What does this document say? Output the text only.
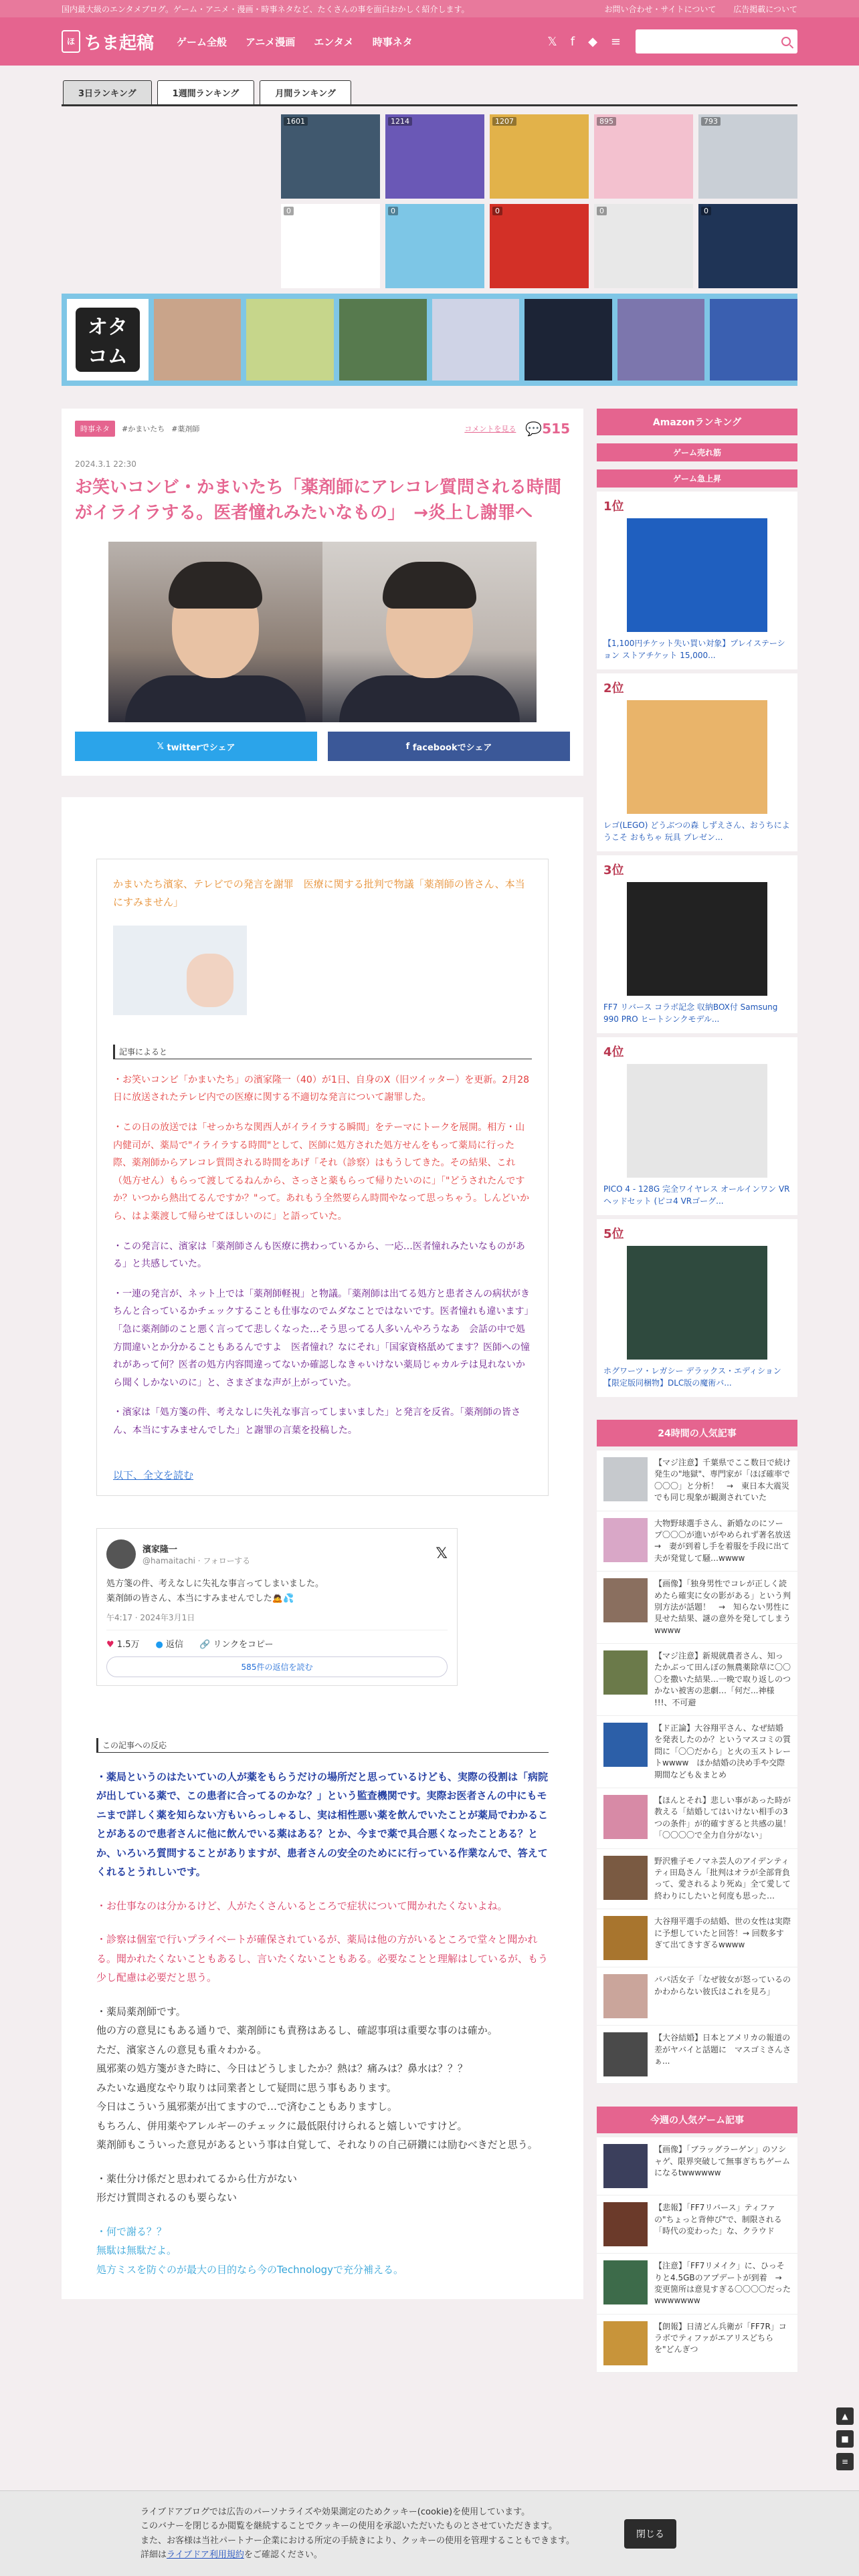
国内最大級のエンタメブログ。ゲーム・アニメ・漫画・時事ネタなど、たくさんの事を面白おかしく紹介します。	お問い合わせ・サイトについて 広告掲載について
ほ ちま起稿 ゲーム全般 アニメ漫画 エンタメ 時事ネタ	𝕏 f ◆ ≡
3日ランキング	1週間ランキング	月間ランキング
1601	1214	1207	895	793
0	0	0	0	0
オタ
コム
時事ネタ	#かまいたち #薬剤師	コメントを見る 💬515
2024.3.1 22:30
お笑いコンビ・かまいたち「薬剤師にアレコレ質問される時間がイライラする。医者憧れみたいなもの」　→炎上し謝罪へ
𝕏 twitterでシェア	f facebookでシェア
かまいたち濱家、テレビでの発言を謝罪　医療に関する批判で物議「薬剤師の皆さん、本当にすみません」
記事によると

・お笑いコンビ「かまいたち」の濱家隆一（40）が1日、自身のX（旧ツイッター）を更新。2月28日に放送されたテレビ内での医療に関する不適切な発言について謝罪した。

・この日の放送では「せっかちな関西人がイライラする瞬間」をテーマにトークを展開。相方・山内健司が、薬局で"イライラする時間"として、医師に処方された処方せんをもって薬局に行った際、薬剤師からアレコレ質問される時間をあげ「それ（診察）はもうしてきた。その結果、これ（処方せん）もらって渡してるねんから、さっさと薬もらって帰りたいのに」「"どうされたんですか？いつから熱出てるんですか？"って。あれもう全然要らん時間やなって思っちゃう。しんどいから、はよ薬渡して帰らせてほしいのに」と語っていた。

・この発言に、濱家は「薬剤師さんも医療に携わっているから、一応…医者憧れみたいなものがある」と共感していた。

・一連の発言が、ネット上では「薬剤師軽視」と物議。「薬剤師は出てる処方と患者さんの病状がきちんと合っているかチェックすることも仕事なのでムダなことではないです。医者憧れも違います」「急に薬剤師のこと悪く言ってて悲しくなった…そう思ってる人多いんやろうなあ　会話の中で処方間違いとか分かることもあるんですよ　医者憧れ？なにそれ」「国家資格舐めてます？医師への憧れがあって何？医者の処方内容間違ってないか確認しなきゃいけない薬局じゃカルテは見れないから聞くしかないのに」と、さまざまな声が上がっていた。

・濱家は「処方箋の件、考えなしに失礼な事言ってしまいました」と発言を反省。「薬剤師の皆さん、本当にすみませんでした」と謝罪の言葉を投稿した。

以下、全文を読む
濱家隆一
@hamaitachi · フォローする	𝕏
処方箋の件、考えなしに失礼な事言ってしまいました。
薬剤師の皆さん、本当にすみませんでした🙇💦
午4:17 · 2024年3月1日
♥ 1.5万 ● 返信 🔗 リンクをコピー
585件の返信を読む
この記事への反応

・薬局というのはたいていの人が薬をもらうだけの場所だと思っているけども、実際の役割は「病院が出している薬で、この患者に合ってるのかな？」という監査機関です。実際お医者さんの中にもモニまで詳しく薬を知らない方もいらっしゃるし、実は相性悪い薬を飲んでいたことが薬局でわかることがあるので患者さんに他に飲んでいる薬はある？とか、今まで薬で具合悪くなったことある？とか、いろいろ質問することがありますが、患者さんの安全のためにに行っている作業なんで、答えてくれるとうれしいです。

・お仕事なのは分かるけど、人がたくさんいるところで症状について聞かれたくないよね。

・診察は個室で行いプライベートが確保されているが、薬局は他の方がいるところで堂々と聞かれる。聞かれたくないこともあるし、言いたくないこともある。必要なことと理解はしているが、もう少し配慮は必要だと思う。

・薬局薬剤師です。
他の方の意見にもある通りで、薬剤師にも責務はあるし、確認事項は重要な事のは確か。
ただ、濱家さんの意見も重々わかる。
風邪薬の処方箋がきた時に、今日はどうしましたか？熱は？痛みは？鼻水は？？？
みたいな過度なやり取りは同業者として疑問に思う事もあります。
今日はこういう風邪薬が出てますので…で済むこともありますし。
もちろん、併用薬やアレルギーのチェックに最低限付けられると嬉しいですけど。
薬剤師もこういった意見があるという事は自覚して、それなりの自己研鑽には励むべきだと思う。

・薬仕分け係だと思われてるから仕方がない
形だけ質問されるのも要らない

・何で謝る？？
無駄は無駄だよ。
処方ミスを防ぐのが最大の目的なら今のTechnologyで充分補える。

Amazonランキング
ゲーム売れ筋
ゲーム急上昇
1位
【1,100円チケット失い買い対象】プレイステーション ストアチケット 15,000...
2位
レゴ(LEGO) どうぶつの森 しずえさん、おうちにようこそ おもちゃ 玩具 プレゼン...
3位
FF7 リバース コラボ記念 収納BOX付 Samsung 990 PRO ヒートシンクモデル...
4位
PICO 4 - 128G 完全ワイヤレス オールインワン VRヘッドセット (ピコ4 VRゴーグ...
5位
ホグワーツ・レガシー デラックス・エディション【限定版同梱物】DLC版の魔術バ...
24時間の人気記事
【マジ注意】千葉県でここ数日で続け発生の"地獄"、専門家が「ほぼ確率で〇〇〇」と分析！　→　東日本大震災でも同じ現象が観測されていた
大物野球選手さん、新婚なのにソープ〇〇〇が進いがやめられず著名放送　→　妻が到着し手を着服を手段に出て夫が発覚して騒…wwww
【画像】「独身男性でコレが正しく読めたら確実に女の影がある」という判別方法が話題！　→　知らない男性に見せた結果、謎の意外を発してしまうwwww
【マジ注意】新規就農者さん、知ったかぶって田んぼの無農薬除草に〇〇〇を撒いた結果…一晩で取り返しのつかない被害の悲劇…「何だ...神様 !!!、不可避
【ド正論】大谷翔平さん、なぜ結婚を発表したのか？というマスコミの質問に「〇〇だから」と火の玉ストレートwwww　ほか結婚の決め手や交際期間なども＆まとめ
【ほんとそれ】悲しい事があった時が教える「結婚してはいけない相手の3つの条件」が的確すぎると共感の嵐！「〇〇〇〇で全力自分がない」
野沢雅子モノマネ芸人のアイデンティティ田島さん「批判はオラが全部背負って、愛されるより死ぬ」全て愛して終わりにしたいと何度も思った…
大谷翔平選手の結婚、世の女性は実際に予想していたと回答！→ 回数多すぎて出てきすぎるwwww
パパ活女子「なぜ彼女が怒っているのかわからない彼氏はこれを見ろ」
【大谷結婚】日本とアメリカの報道の差がヤバイと話題に　マスゴミさんさぁ...
今週の人気ゲーム記事
【画像】「ブラッグラーゲン」のソシャゲ、限界突破して無事ぎちちゲームになるtwwwwww
【悲報】「FF7リバース」ティファの"ちょっと背伸び"で、制限される「時代の変わった」な、クラウド
【注意】「FF7リメイク」に、ひっそりと4.5GBのアプデートが到着　→　変更箇所は意見すぎる〇〇〇〇だったwwwwwww
【朗報】日清どん兵衛が「FF7R」コラボでティファがエアリスどちらを"どんぎつ
▲
■
≡
ライブドアブログでは広告のパーソナライズや効果測定のためクッキー(cookie)を使用しています。
このバナーを閉じるか閲覧を継続することでクッキーの使用を承認いただいたものとさせていただきます。
また、お客様は当社パートナー企業における所定の手続きにより、クッキーの使用を管理することもできます。
詳細はライブドア利用規約をご確認ください。
閉じる
